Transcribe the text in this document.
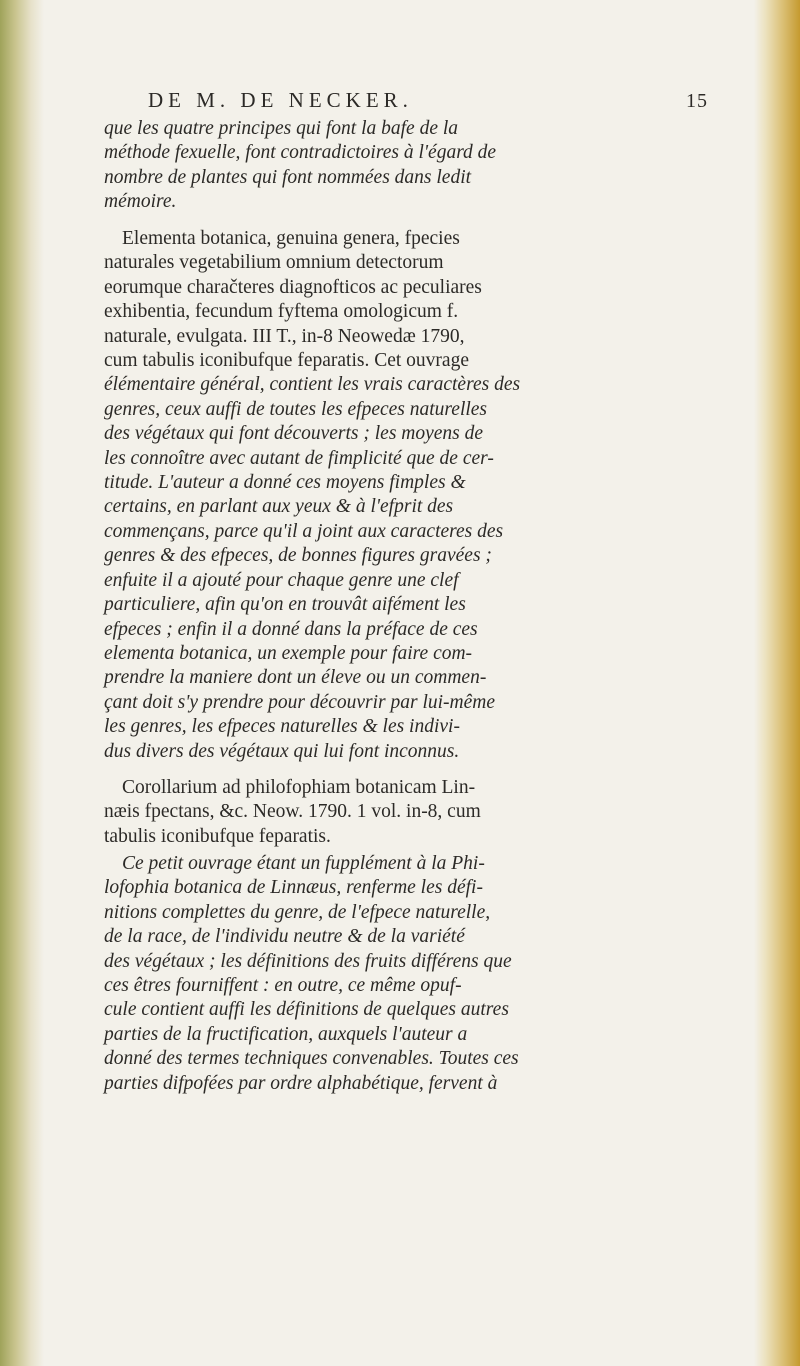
DE M. DE NECKER.	15

que les quatre principes qui font la bafe de la

méthode fexuelle, font contradictoires à l'égard de

nombre de plantes qui font nommées dans ledit

mémoire.

Elementa botanica, genuina genera, fpecies

naturales vegetabilium omnium detectorum

eorumque charačteres diagnofticos ac peculiares

exhibentia, fecundum fyftema omologicum f.

naturale, evulgata. III T., in-8 Neowedæ 1790,

cum tabulis iconibufque feparatis. Cet ouvrage

élémentaire général, contient les vrais caractères des

genres, ceux auffi de toutes les efpeces naturelles

des végétaux qui font découverts ; les moyens de

les connoître avec autant de fimplicité que de cer-

titude. L'auteur a donné ces moyens fimples &

certains, en parlant aux yeux & à l'efprit des

commençans, parce qu'il a joint aux caracteres des

genres & des efpeces, de bonnes figures gravées ;

enfuite il a ajouté pour chaque genre une clef

particuliere, afin qu'on en trouvât aifément les

efpeces ; enfin il a donné dans la préface de ces

elementa botanica, un exemple pour faire com-

prendre la maniere dont un éleve ou un commen-

çant doit s'y prendre pour découvrir par lui-même

les genres, les efpeces naturelles & les indivi-

dus divers des végétaux qui lui font inconnus.

Corollarium ad philofophiam botanicam Lin-

næis fpectans, &c. Neow. 1790. 1 vol. in-8, cum

tabulis iconibufque feparatis.

Ce petit ouvrage étant un fupplément à la Phi-

lofophia botanica de Linnæus, renferme les défi-

nitions complettes du genre, de l'efpece naturelle,

de la race, de l'individu neutre & de la variété

des végétaux ; les définitions des fruits différens que

ces êtres fourniffent : en outre, ce même opuf-

cule contient auffi les définitions de quelques autres

parties de la fructification, auxquels l'auteur a

donné des termes techniques convenables. Toutes ces

parties difpofées par ordre alphabétique, fervent à
